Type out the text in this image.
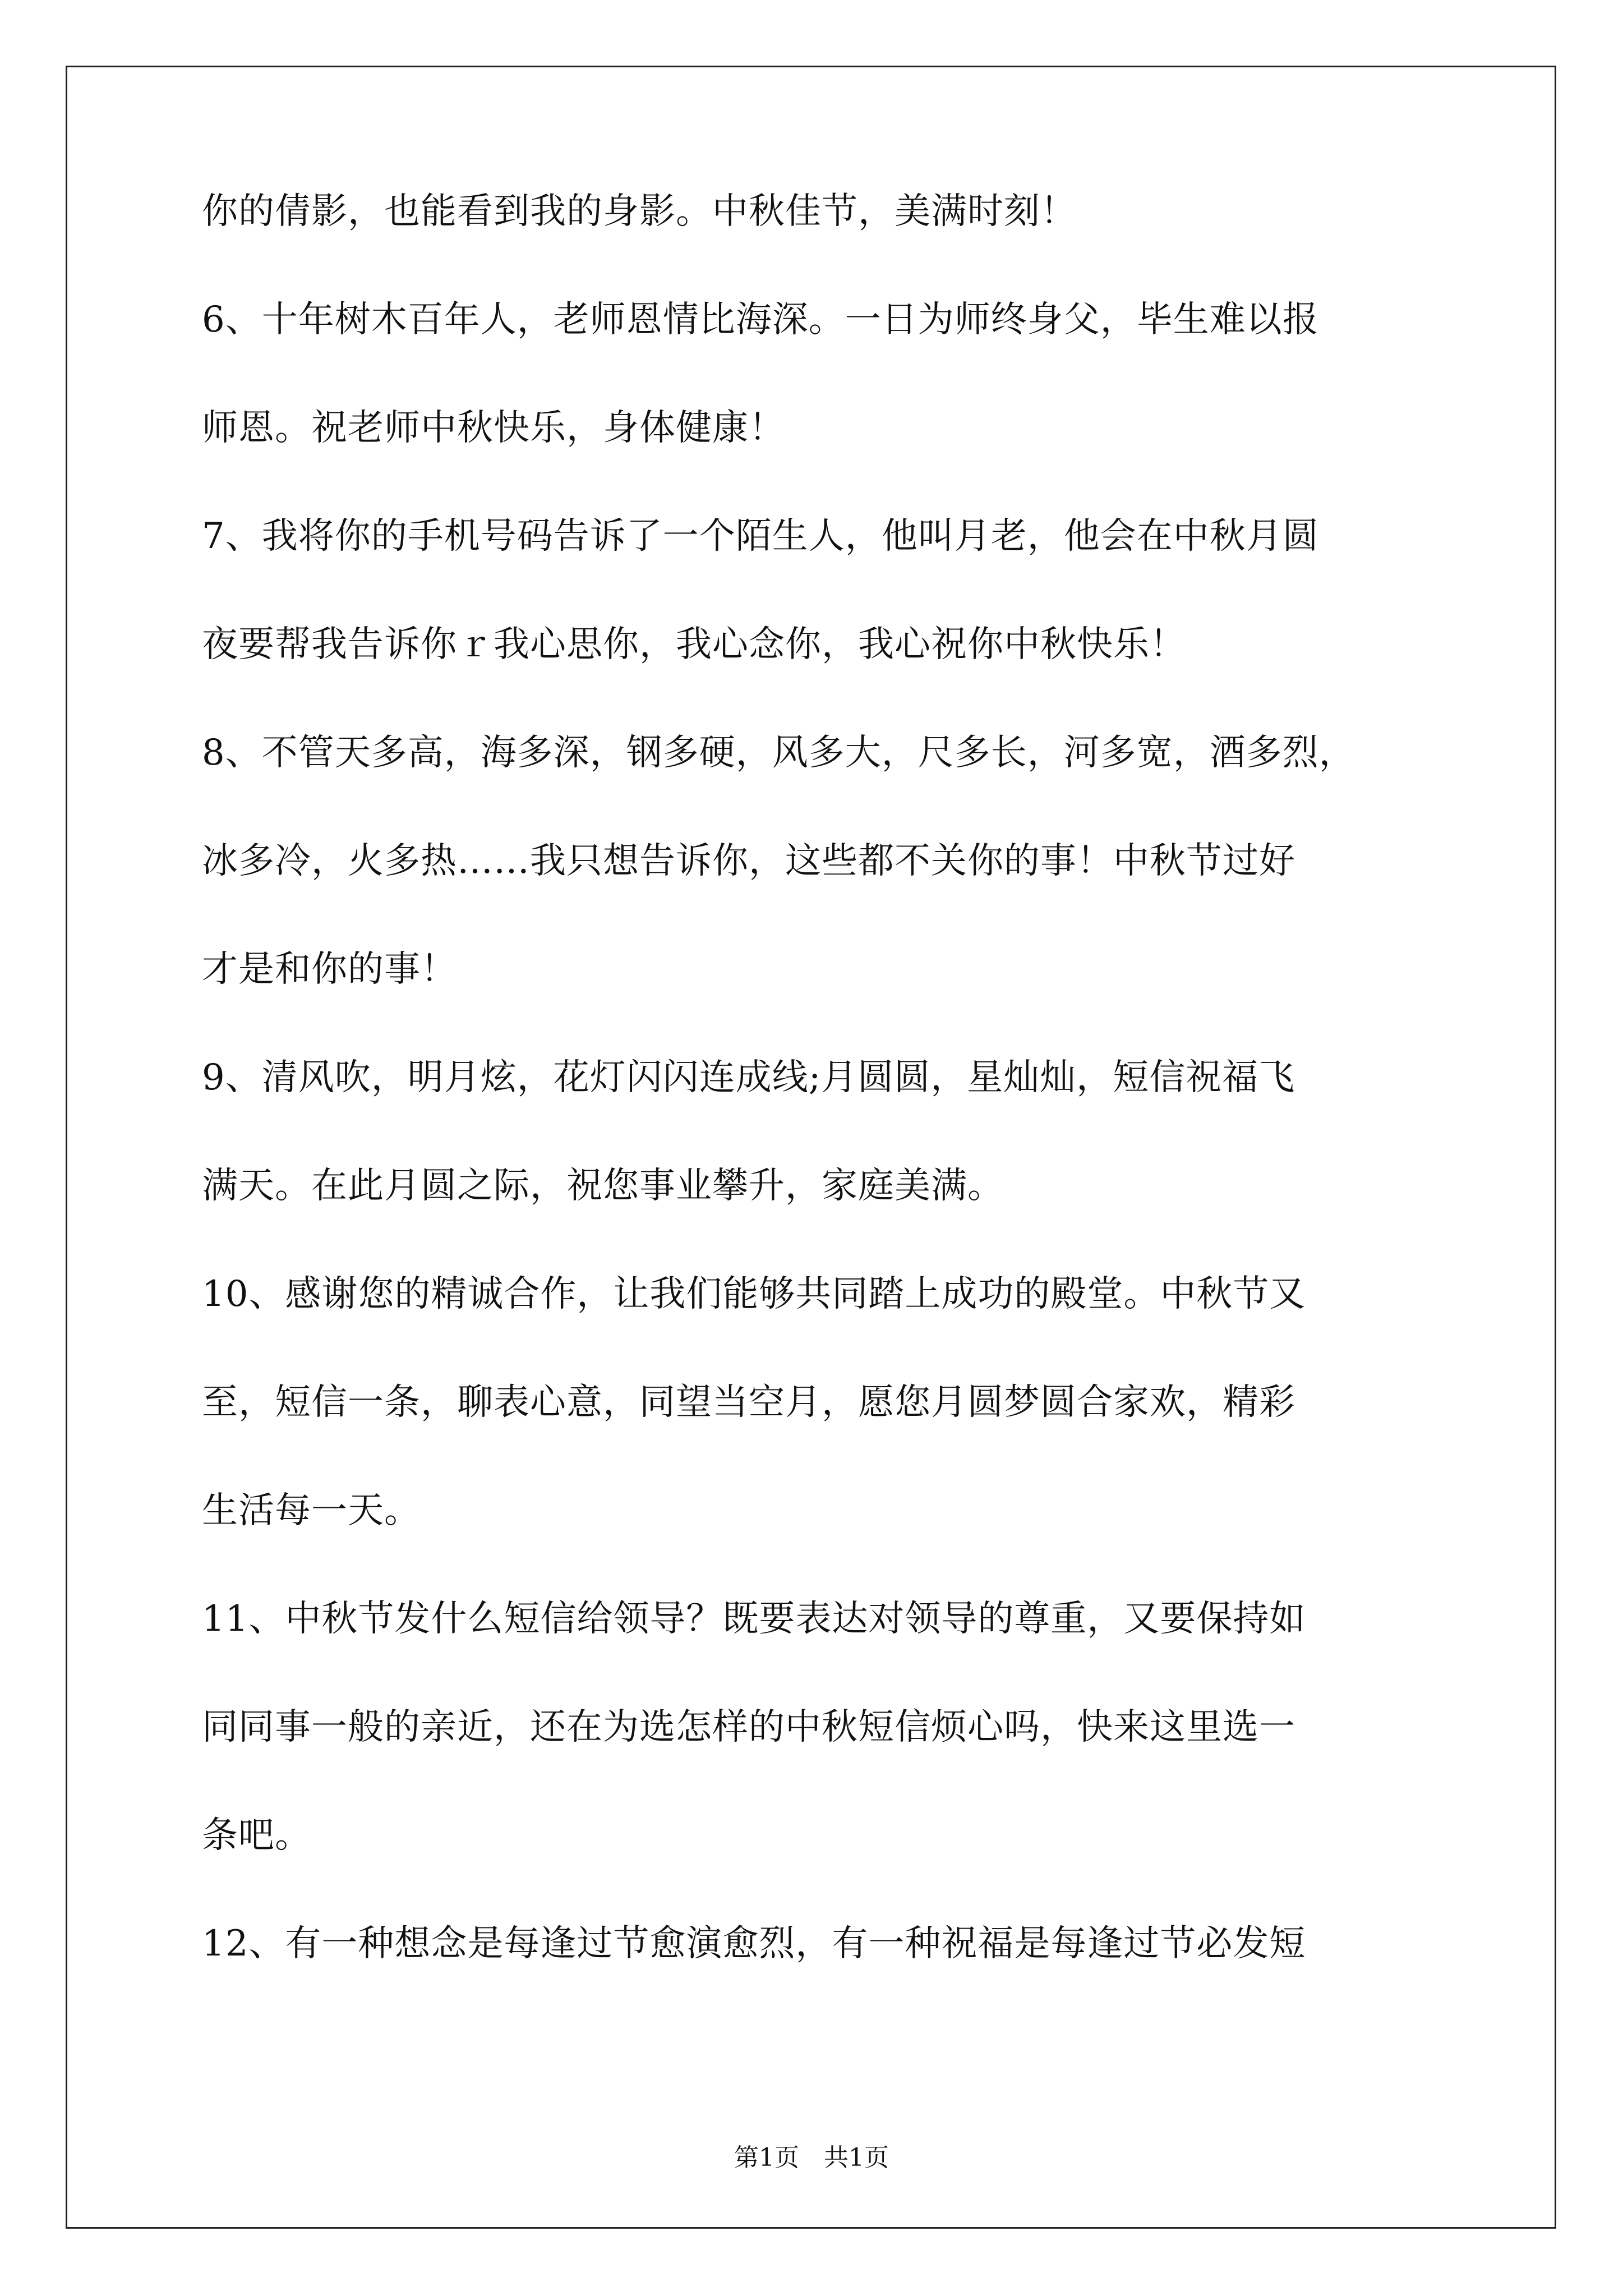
你的倩影，也能看到我的身影。中秋佳节，美满时刻！
6、十年树木百年人，老师恩情比海深。一日为师终身父，毕生难以报
师恩。祝老师中秋快乐，身体健康！
7、我将你的手机号码告诉了一个陌生人，他叫月老，他会在中秋月圆
夜要帮我告诉你ｒ我心思你，我心念你，我心祝你中秋快乐！
8、不管天多高，海多深，钢多硬，风多大，尺多长，河多宽，酒多烈，
冰多冷，火多热……我只想告诉你，这些都不关你的事！中秋节过好
才是和你的事！
9、清风吹，明月炫，花灯闪闪连成线;月圆圆，星灿灿，短信祝福飞
满天。在此月圆之际，祝您事业攀升，家庭美满。
10、感谢您的精诚合作，让我们能够共同踏上成功的殿堂。中秋节又
至，短信一条，聊表心意，同望当空月，愿您月圆梦圆合家欢，精彩
生活每一天。
11、中秋节发什么短信给领导？既要表达对领导的尊重，又要保持如
同同事一般的亲近，还在为选怎样的中秋短信烦心吗，快来这里选一
条吧。
12、有一种想念是每逢过节愈演愈烈，有一种祝福是每逢过节必发短
第1页　共1页
